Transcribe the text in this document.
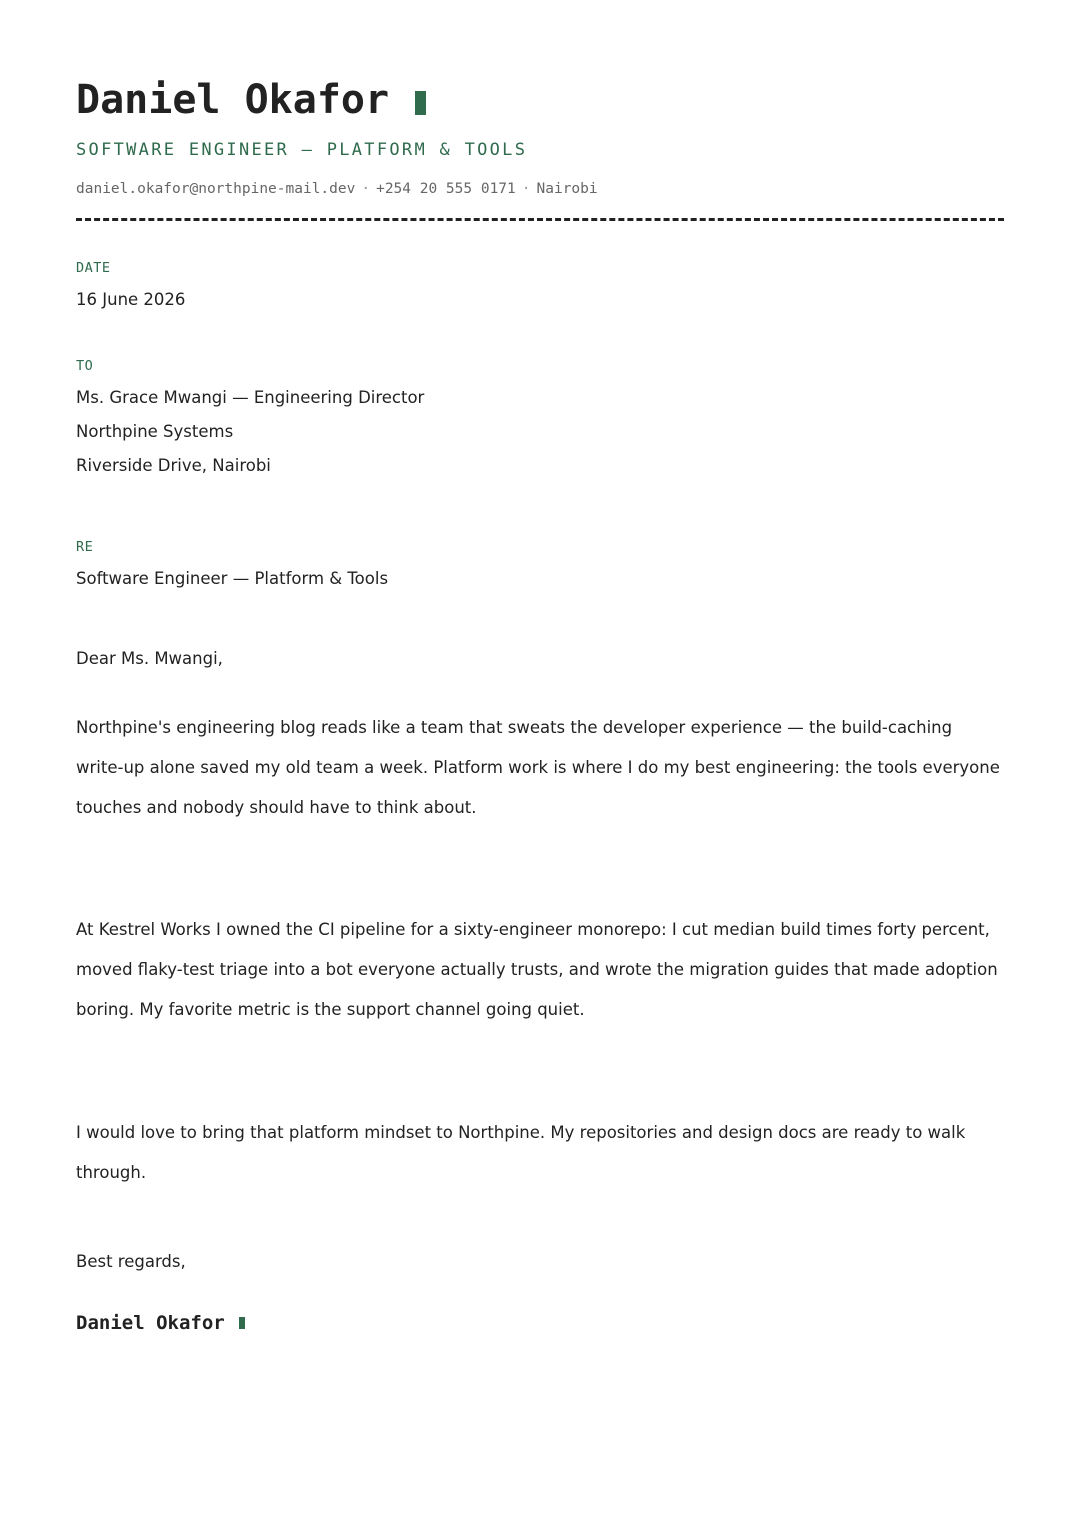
Daniel Okafor
SOFTWARE ENGINEER — PLATFORM & TOOLS
daniel.okafor@northpine-mail.dev · +254 20 555 0171 · Nairobi
DATE
16 June 2026
TO
Ms. Grace Mwangi — Engineering Director
Northpine Systems
Riverside Drive, Nairobi
RE
Software Engineer — Platform & Tools
Dear Ms. Mwangi,
Northpine's engineering blog reads like a team that sweats the developer experience — the build-caching write-up alone saved my old team a week. Platform work is where I do my best engineering: the tools everyone touches and nobody should have to think about.
At Kestrel Works I owned the CI pipeline for a sixty-engineer monorepo: I cut median build times forty percent, moved flaky-test triage into a bot everyone actually trusts, and wrote the migration guides that made adoption boring. My favorite metric is the support channel going quiet.
I would love to bring that platform mindset to Northpine. My repositories and design docs are ready to walk through.
Best regards,
Daniel Okafor
